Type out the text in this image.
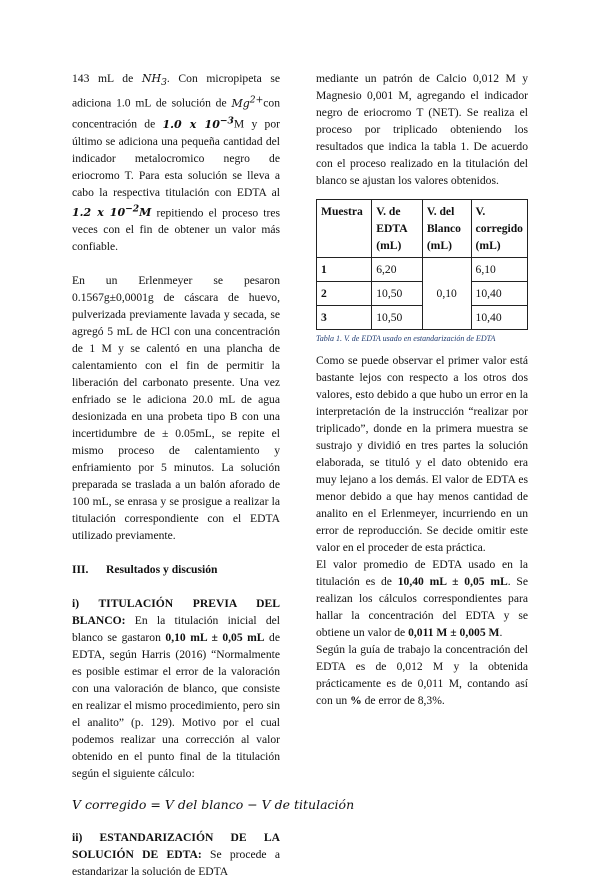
143 mL de $NH_3$. Con micropipeta se adiciona 1.0 mL de solución de $Mg^{2+}con$ concentración de 1.0 x $10^{-3}M$ y por último se adiciona una pequeña cantidad del indicador metalocromico negro de eriocromo T. Para esta solución se lleva a cabo la respectiva titulación con EDTA al 1.2 x $10^{-2}M$ repitiendo el proceso tres veces con el fin de obtener un valor más confiable.

En un Erlenmeyer se pesaron 0.1567g±0,0001g de cáscara de huevo, pulverizada previamente lavada y secada, se agregó 5 mL de HCl con una concentración de 1 M y se calentó en una plancha de calentamiento con el fin de permitir la liberación del carbonato presente. Una vez enfriado se le adiciona 20.0 mL de agua desionizada en una probeta tipo B con una incertidumbre de ± 0.05mL, se repite el mismo proceso de calentamiento y enfriamiento por 5 minutos. La solución preparada se traslada a un balón aforado de 100 mL, se enrasa y se prosigue a realizar la titulación correspondiente con el EDTA utilizado previamente.

III. Resultados y discusión

i) TITULACIÓN PREVIA DEL BLANCO: En la titulación inicial del blanco se gastaron 0,10 mL ± 0,05 mL de EDTA, según Harris (2016) “Normalmente es posible estimar el error de la valoración con una valoración de blanco, que consiste en realizar el mismo procedimiento, pero sin el analito” (p. 129). Motivo por el cual podemos realizar una corrección al valor obtenido en el punto final de la titulación según el siguiente cálculo:

V corregido = V del blanco − V de titulación

ii) ESTANDARIZACIÓN DE LA SOLUCIÓN DE EDTA: Se procede a estandarizar la solución de EDTA

mediante un patrón de Calcio 0,012 M y Magnesio 0,001 M, agregando el indicador negro de eriocromo T (NET). Se realiza el proceso por triplicado obteniendo los resultados que indica la tabla 1. De acuerdo con el proceso realizado en la titulación del blanco se ajustan los valores obtenidos.

Muestra	V. de EDTA (mL)	V. del Blanco (mL)	V. corregido (mL)
1	6,20	0,10	6,10
2	10,50		10,40
3	10,50		10,40
Tabla 1. V. de EDTA usado en estandarización de EDTA

Como se puede observar el primer valor está bastante lejos con respecto a los otros dos valores, esto debido a que hubo un error en la interpretación de la instrucción “realizar por triplicado”, donde en la primera muestra se sustrajo y dividió en tres partes la solución elaborada, se tituló y el dato obtenido era muy lejano a los demás. El valor de EDTA es menor debido a que hay menos cantidad de analito en el Erlenmeyer, incurriendo en un error de reproducción. Se decide omitir este valor en el proceder de esta práctica.

El valor promedio de EDTA usado en la titulación es de 10,40 mL ± 0,05 mL. Se realizan los cálculos correspondientes para hallar la concentración del EDTA y se obtiene un valor de 0,011 M ± 0,005 M.

Según la guía de trabajo la concentración del EDTA es de 0,012 M y la obtenida prácticamente es de 0,011 M, contando así con un % de error de 8,3%.
